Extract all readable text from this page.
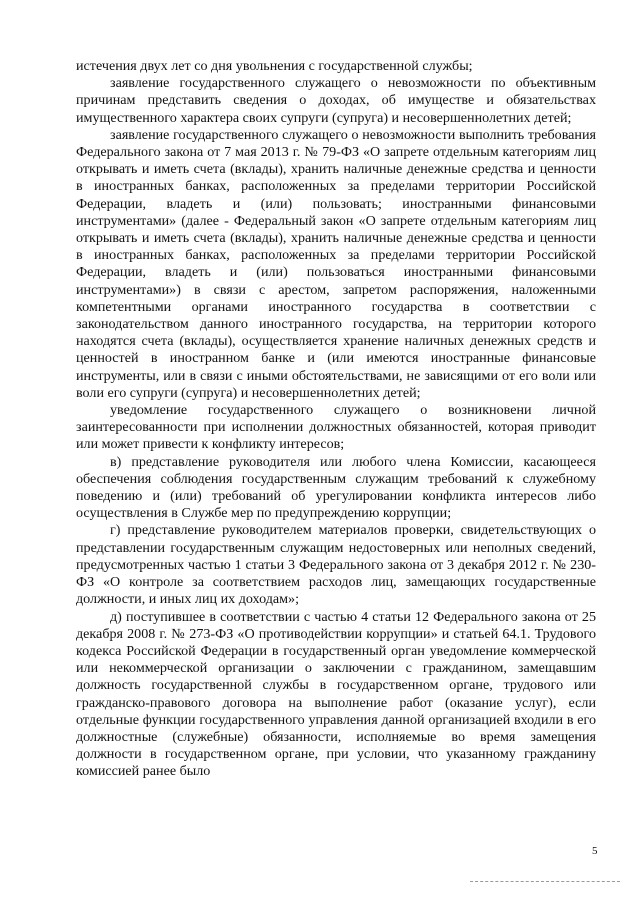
истечения двух лет со дня увольнения с государственной службы;

заявление государственного служащего о невозможности по объективным причинам представить сведения о доходах, об имуществе и обязательствах имущественного характера своих супруги (супруга) и несовершеннолетних детей;

заявление государственного служащего о невозможности выполнить требования Федерального закона от 7 мая 2013 г. № 79-ФЗ «О запрете отдельным категориям лиц открывать и иметь счета (вклады), хранить наличные денежные средства и ценности в иностранных банках, расположенных за пределами территории Российской Федерации, владеть и (или) пользовать; иностранными финансовыми инструментами» (далее - Федеральный закон «О запрете отдельным категориям лиц открывать и иметь счета (вклады), хранить наличные денежные средства и ценности в иностранных банках, расположенных за пределами территории Российской Федерации, владеть и (или) пользоваться иностранными финансовыми инструментами») в связи с арестом, запретом распоряжения, наложенными компетентными органами иностранного государства в соответствии с законодательством данного иностранного государства, на территории которого находятся счета (вклады), осуществляется хранение наличных денежных средств и ценностей в иностранном банке и (или имеются иностранные финансовые инструменты, или в связи с иными обстоятельствами, не зависящими от его воли или воли его супруги (супруга) и несовершеннолетних детей;

уведомление государственного служащего о возникновени личной заинтересованности при исполнении должностных обязанностей, которая приводит или может привести к конфликту интересов;

в) представление руководителя или любого члена Комиссии, касающееся обеспечения соблюдения государственным служащим требований к служебному поведению и (или) требований об урегулировании конфликта интересов либо осуществления в Службе мер по предупреждению коррупции;

г) представление руководителем материалов проверки, свидетельствующих о представлении государственным служащим недостоверных или неполных сведений, предусмотренных частью 1 статьи 3 Федерального закона от 3 декабря 2012 г. № 230-ФЗ «О контроле за соответствием расходов лиц, замещающих государственные должности, и иных лиц их доходам»;

д) поступившее в соответствии с частью 4 статьи 12 Федерального закона от 25 декабря 2008 г. № 273-ФЗ «О противодействии коррупции» и статьей 64.1. Трудового кодекса Российской Федерации в государственный орган уведомление коммерческой или некоммерческой организации о заключении с гражданином, замещавшим должность государственной службы в государственном органе, трудового или гражданско-правового договора на выполнение работ (оказание услуг), если отдельные функции государственного управления данной организацией входили в его должностные (служебные) обязанности, исполняемые во время замещения должности в государственном органе, при условии, что указанному гражданину комиссией ранее было

5
